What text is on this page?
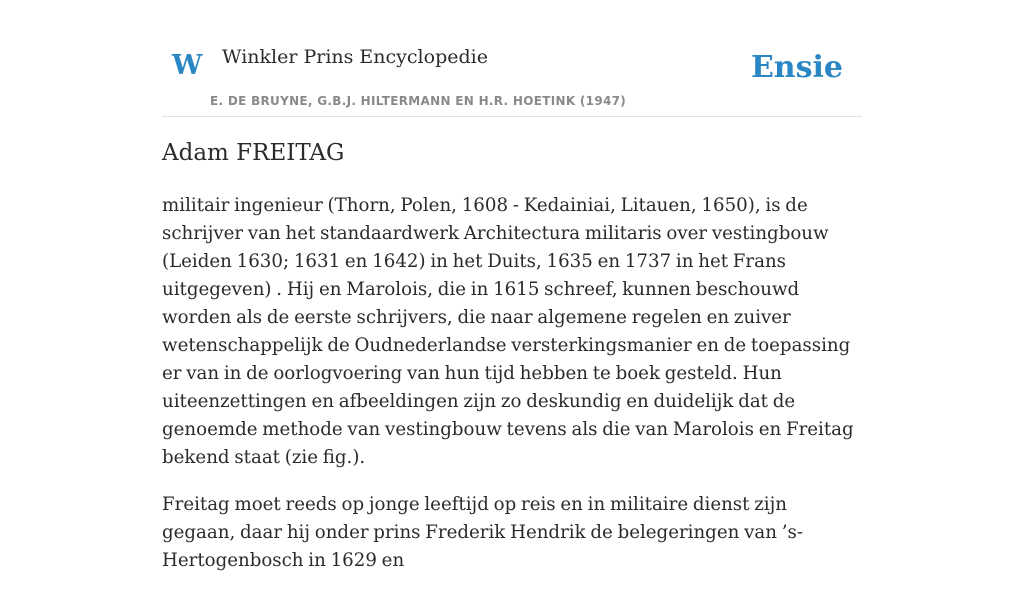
W Winkler Prins Encyclopedie
E. DE BRUYNE, G.B.J. HILTERMANN EN H.R. HOETINK (1947)
Ensie
Adam FREITAG

militair ingenieur (Thorn, Polen, 1608 - Kedainiai, Litauen, 1650), is de schrijver van het standaardwerk Architectura militaris over vestingbouw (Leiden 1630; 1631 en 1642) in het Duits, 1635 en 1737 in het Frans uitgegeven) . Hij en Marolois, die in 1615 schreef, kunnen beschouwd worden als de eerste schrijvers, die naar algemene regelen en zuiver wetenschappelijk de Oudnederlandse versterkingsmanier en de toepassing er van in de oorlogvoering van hun tijd hebben te boek gesteld. Hun uiteenzettingen en afbeeldingen zijn zo deskundig en duidelijk dat de genoemde methode van vestingbouw tevens als die van Marolois en Freitag bekend staat (zie fig.).

Freitag moet reeds op jonge leeftijd op reis en in militaire dienst zijn gegaan, daar hij onder prins Frederik Hendrik de belegeringen van ’s-Hertogenbosch in 1629 en
